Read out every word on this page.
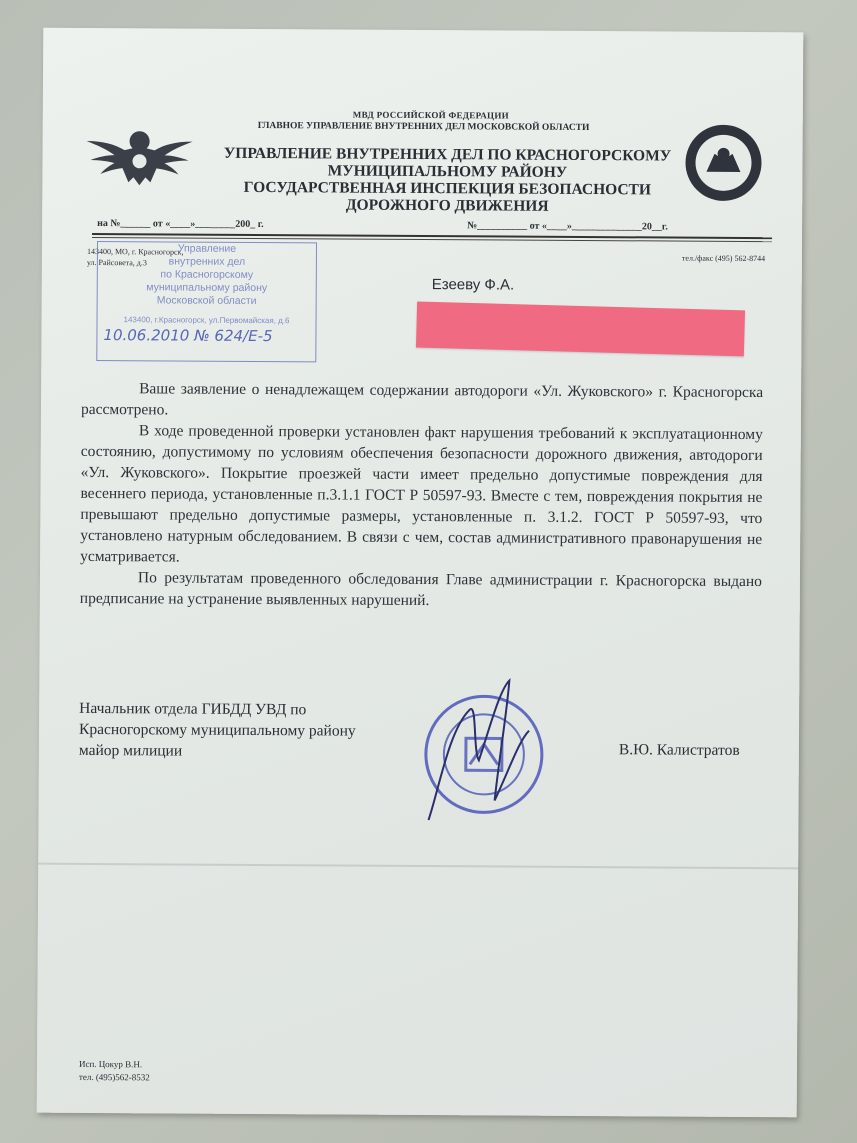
МВД РОССИЙСКОЙ ФЕДЕРАЦИИ
ГЛАВНОЕ УПРАВЛЕНИЕ ВНУТРЕННИХ ДЕЛ МОСКОВСКОЙ ОБЛАСТИ
УПРАВЛЕНИЕ ВНУТРЕННИХ ДЕЛ ПО КРАСНОГОРСКОМУ
МУНИЦИПАЛЬНОМУ РАЙОНУ
ГОСУДАРСТВЕННАЯ ИНСПЕКЦИЯ БЕЗОПАСНОСТИ
ДОРОЖНОГО ДВИЖЕНИЯ
на №______ от «____»________200_ г.	№__________ от «____»______________20__г.
143400, МО, г. Красногорск,
ул. Райсовета, д.3	тел./факс (495) 562-8744
Управление
внутренних дел
по Красногорскому
муниципальному району
Московской области
143400, г.Красногорск, ул.Первомайская, д.6
10.06.2010 № 624/Е-5
Езееву Ф.А.

Ваше заявление о ненадлежащем содержании автодороги «Ул. Жуковского» г. Красногорска рассмотрено.

В ходе проведенной проверки установлен факт нарушения требований к эксплуатационному состоянию, допустимому по условиям обеспечения безопасности дорожного движения, автодороги «Ул. Жуковского». Покрытие проезжей части имеет предельно допустимые повреждения для весеннего периода, установленные п.3.1.1 ГОСТ Р 50597-93. Вместе с тем, повреждения покрытия не превышают предельно допустимые размеры, установленные п. 3.1.2. ГОСТ Р 50597-93, что установлено натурным обследованием. В связи с чем, состав административного правонарушения не усматривается.

По результатам проведенного обследования Главе администрации г. Красногорска выдано предписание на устранение выявленных нарушений.

Начальник отдела ГИБДД УВД по
Красногорскому муниципальному району
майор милиции	В.Ю. Калистратов
Исп. Цокур В.Н.
тел. (495)562-8532
